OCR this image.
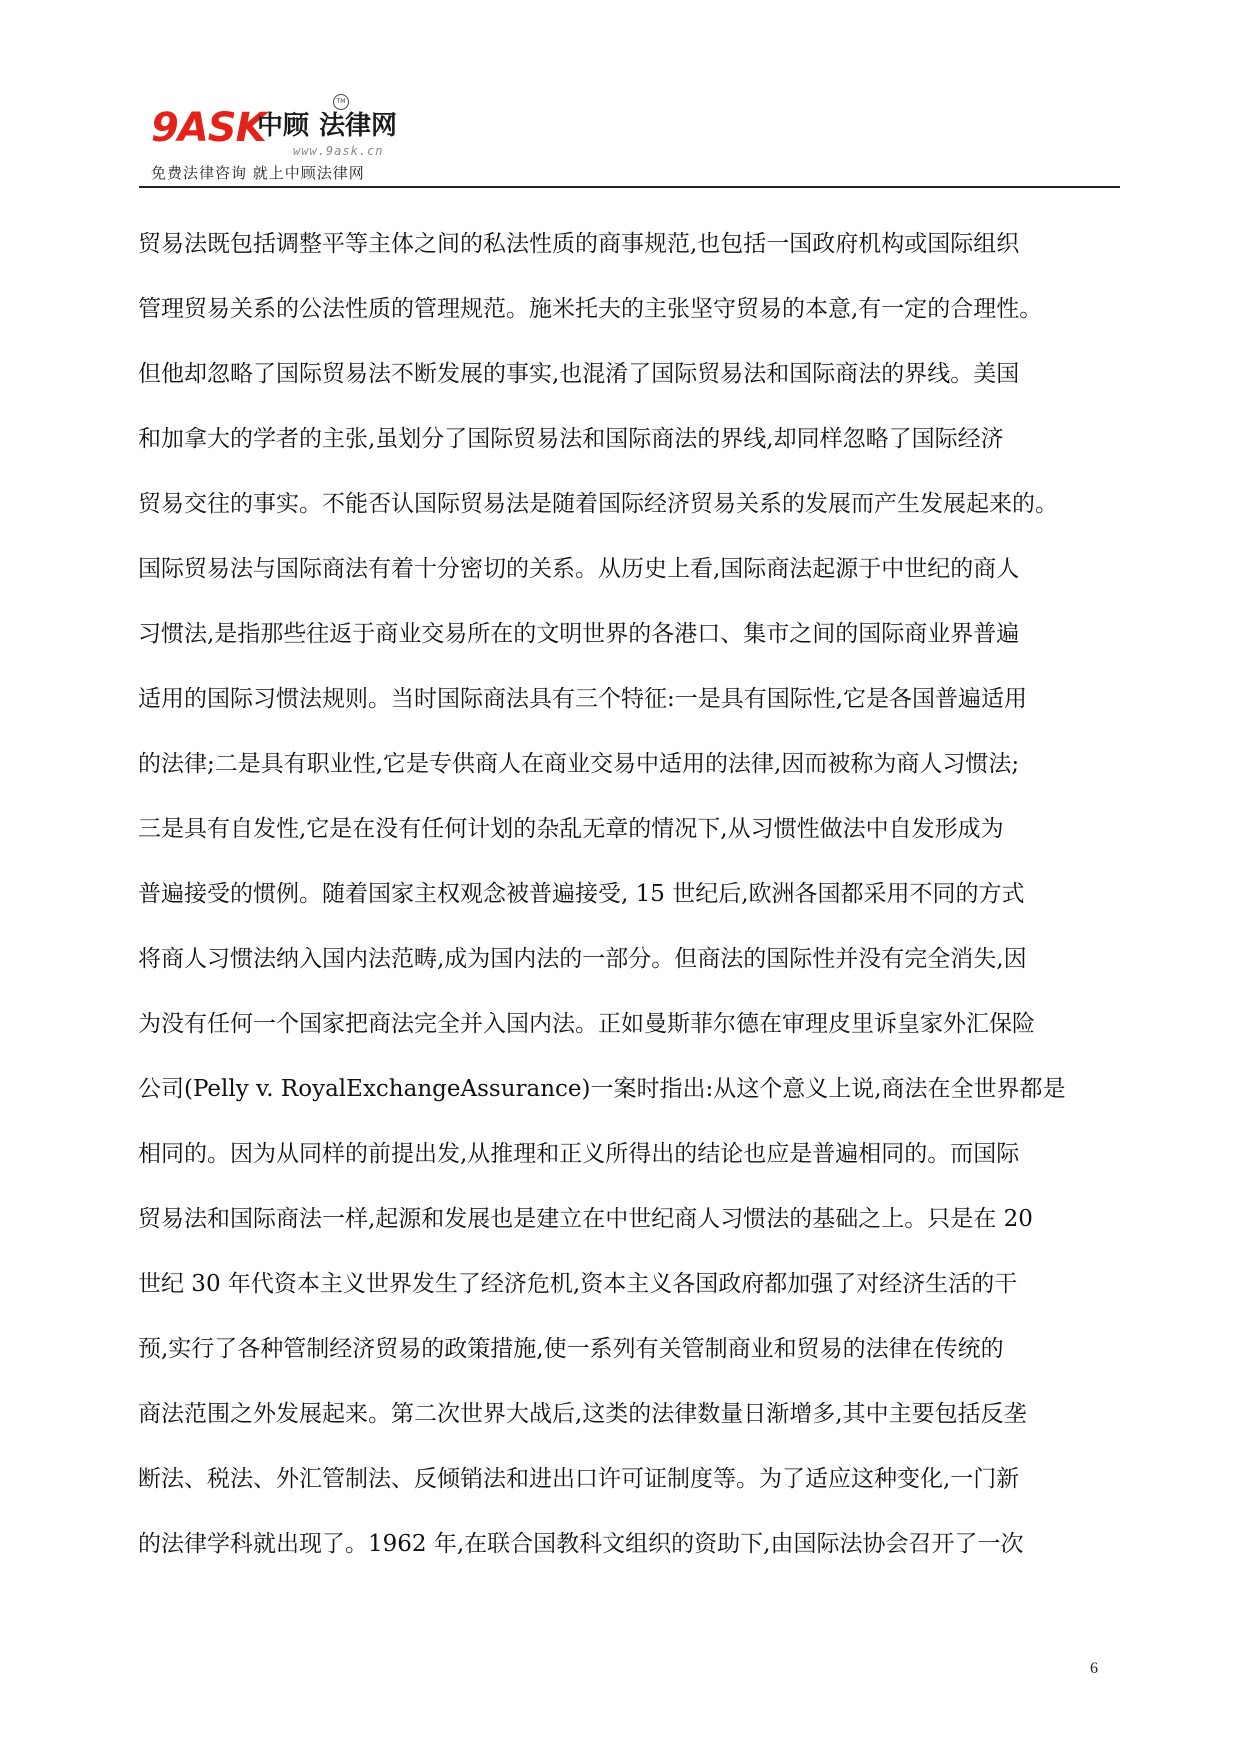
9ASK
中顾 法律网
TM
www.9ask.cn
免费法律咨询 就上中顾法律网
贸易法既包括调整平等主体之间的私法性质的商事规范,也包括一国政府机构或国际组织
管理贸易关系的公法性质的管理规范。施米托夫的主张坚守贸易的本意,有一定的合理性。
但他却忽略了国际贸易法不断发展的事实,也混淆了国际贸易法和国际商法的界线。美国
和加拿大的学者的主张,虽划分了国际贸易法和国际商法的界线,却同样忽略了国际经济
贸易交往的事实。不能否认国际贸易法是随着国际经济贸易关系的发展而产生发展起来的。
国际贸易法与国际商法有着十分密切的关系。从历史上看,国际商法起源于中世纪的商人
习惯法,是指那些往返于商业交易所在的文明世界的各港口、集市之间的国际商业界普遍
适用的国际习惯法规则。当时国际商法具有三个特征:一是具有国际性,它是各国普遍适用
的法律;二是具有职业性,它是专供商人在商业交易中适用的法律,因而被称为商人习惯法;
三是具有自发性,它是在没有任何计划的杂乱无章的情况下,从习惯性做法中自发形成为
普遍接受的惯例。随着国家主权观念被普遍接受, 15 世纪后,欧洲各国都采用不同的方式
将商人习惯法纳入国内法范畴,成为国内法的一部分。但商法的国际性并没有完全消失,因
为没有任何一个国家把商法完全并入国内法。正如曼斯菲尔德在审理皮里诉皇家外汇保险
公司(Pelly v. RoyalExchangeAssurance)一案时指出:从这个意义上说,商法在全世界都是
相同的。因为从同样的前提出发,从推理和正义所得出的结论也应是普遍相同的。而国际
贸易法和国际商法一样,起源和发展也是建立在中世纪商人习惯法的基础之上。只是在 20
世纪 30 年代资本主义世界发生了经济危机,资本主义各国政府都加强了对经济生活的干
预,实行了各种管制经济贸易的政策措施,使一系列有关管制商业和贸易的法律在传统的
商法范围之外发展起来。第二次世界大战后,这类的法律数量日渐增多,其中主要包括反垄
断法、税法、外汇管制法、反倾销法和进出口许可证制度等。为了适应这种变化,一门新
的法律学科就出现了。1962 年,在联合国教科文组织的资助下,由国际法协会召开了一次
6
